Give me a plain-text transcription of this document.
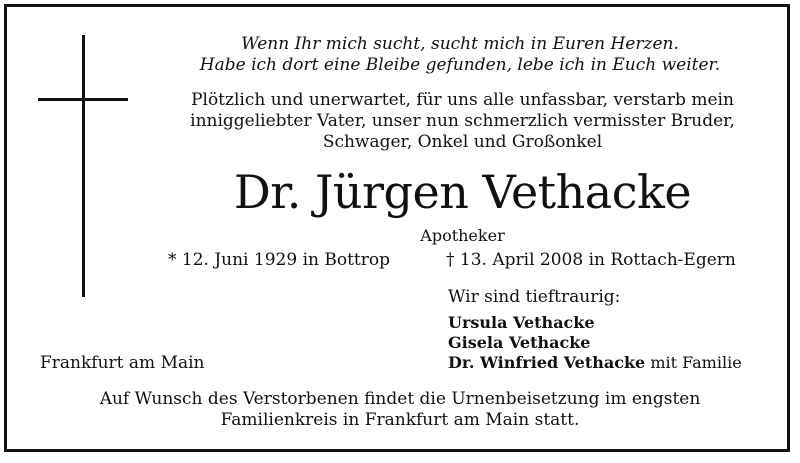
Wenn Ihr mich sucht, sucht mich in Euren Herzen.
Habe ich dort eine Bleibe gefunden, lebe ich in Euch weiter.
Plötzlich und unerwartet, für uns alle unfassbar, verstarb mein
inniggeliebter Vater, unser nun schmerzlich vermisster Bruder,
Schwager, Onkel und Großonkel
Dr. Jürgen Vethacke
Apotheker
* 12. Juni 1929 in Bottrop	† 13. April 2008 in Rottach-Egern
Wir sind tieftraurig:
Ursula Vethacke
Gisela Vethacke
Dr. Winfried Vethacke mit Familie
Frankfurt am Main
Auf Wunsch des Verstorbenen findet die Urnenbeisetzung im engsten
Familienkreis in Frankfurt am Main statt.
